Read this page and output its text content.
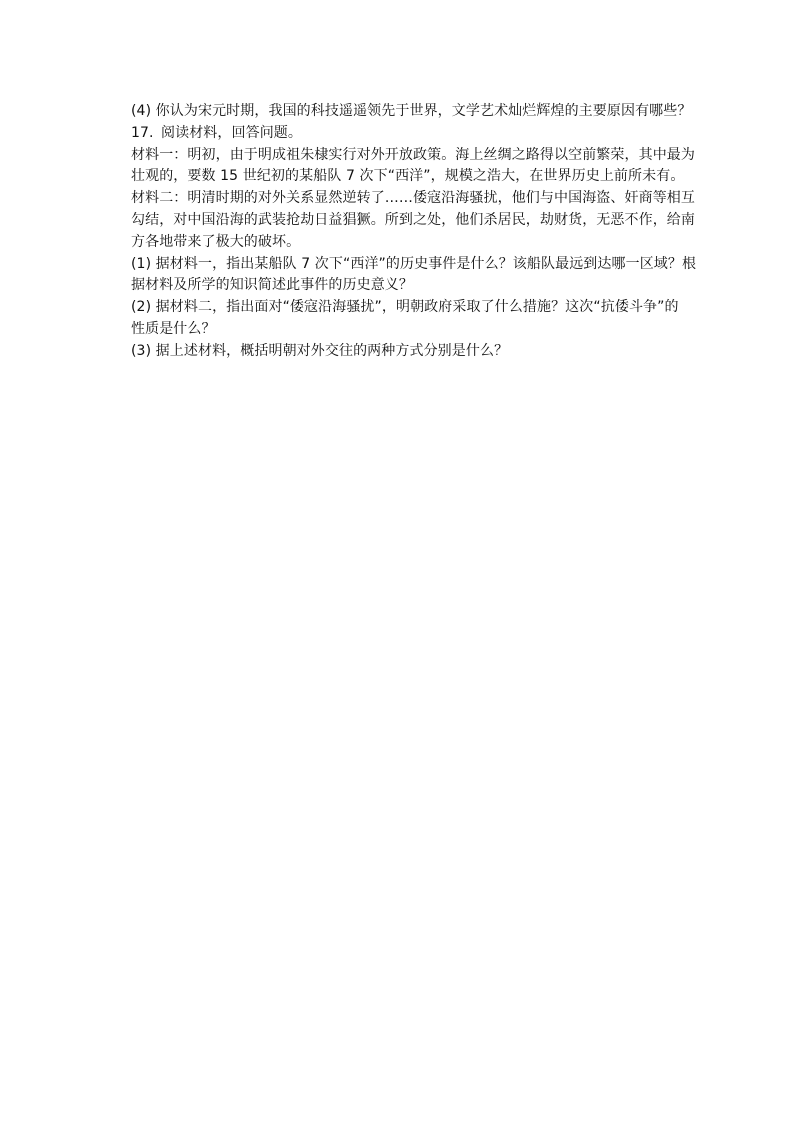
(4) 你认为宋元时期，我国的科技遥遥领先于世界，文学艺术灿烂辉煌的主要原因有哪些？
17. 阅读材料，回答问题。
材料一：明初，由于明成祖朱棣实行对外开放政策。海上丝绸之路得以空前繁荣，其中最为
壮观的，要数 15 世纪初的某船队 7 次下“西洋”，规模之浩大，在世界历史上前所未有。
材料二：明清时期的对外关系显然逆转了……倭寇沿海骚扰，他们与中国海盗、奸商等相互
勾结，对中国沿海的武装抢劫日益猖獗。所到之处，他们杀居民，劫财货，无恶不作，给南
方各地带来了极大的破坏。
(1) 据材料一，指出某船队 7 次下“西洋”的历史事件是什么？该船队最远到达哪一区域？根
据材料及所学的知识简述此事件的历史意义？
(2) 据材料二，指出面对“倭寇沿海骚扰”，明朝政府采取了什么措施？这次“抗倭斗争”的
性质是什么？
(3) 据上述材料，概括明朝对外交往的两种方式分别是什么？
